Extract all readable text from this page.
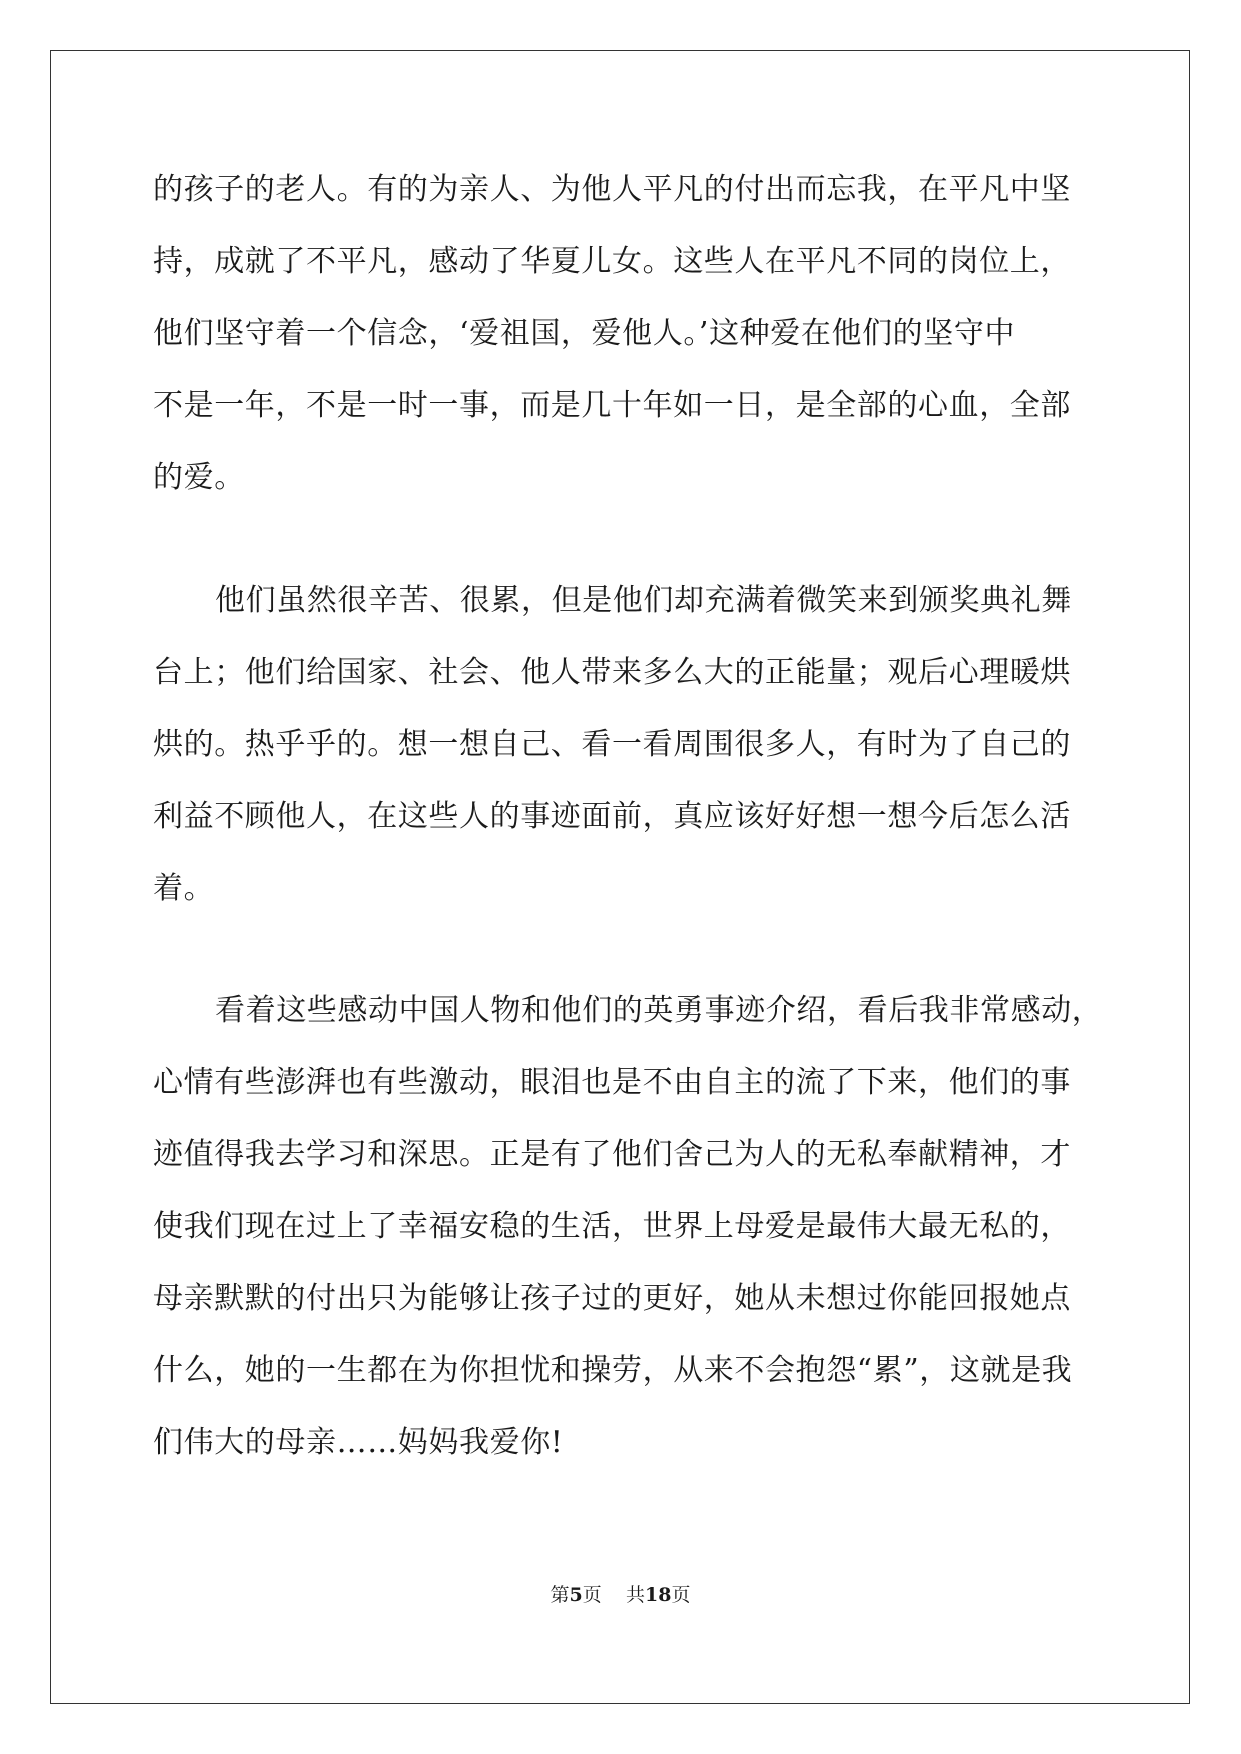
的孩子的老人。有的为亲人、为他人平凡的付出而忘我，在平凡中坚
持，成就了不平凡，感动了华夏儿女。这些人在平凡不同的岗位上，
他们坚守着一个信念，‘爱祖国，爱他人。’这种爱在他们的坚守中
不是一年，不是一时一事，而是几十年如一日，是全部的心血，全部
的爱。
他们虽然很辛苦、很累，但是他们却充满着微笑来到颁奖典礼舞
台上；他们给国家、社会、他人带来多么大的正能量；观后心理暖烘
烘的。热乎乎的。想一想自己、看一看周围很多人，有时为了自己的
利益不顾他人，在这些人的事迹面前，真应该好好想一想今后怎么活
着。
看着这些感动中国人物和他们的英勇事迹介绍，看后我非常感动，
心情有些澎湃也有些激动，眼泪也是不由自主的流了下来，他们的事
迹值得我去学习和深思。正是有了他们舍己为人的无私奉献精神，才
使我们现在过上了幸福安稳的生活，世界上母爱是最伟大最无私的，
母亲默默的付出只为能够让孩子过的更好，她从未想过你能回报她点
什么，她的一生都在为你担忧和操劳，从来不会抱怨“累”，这就是我
们伟大的母亲……妈妈我爱你!
第5页 共18页
